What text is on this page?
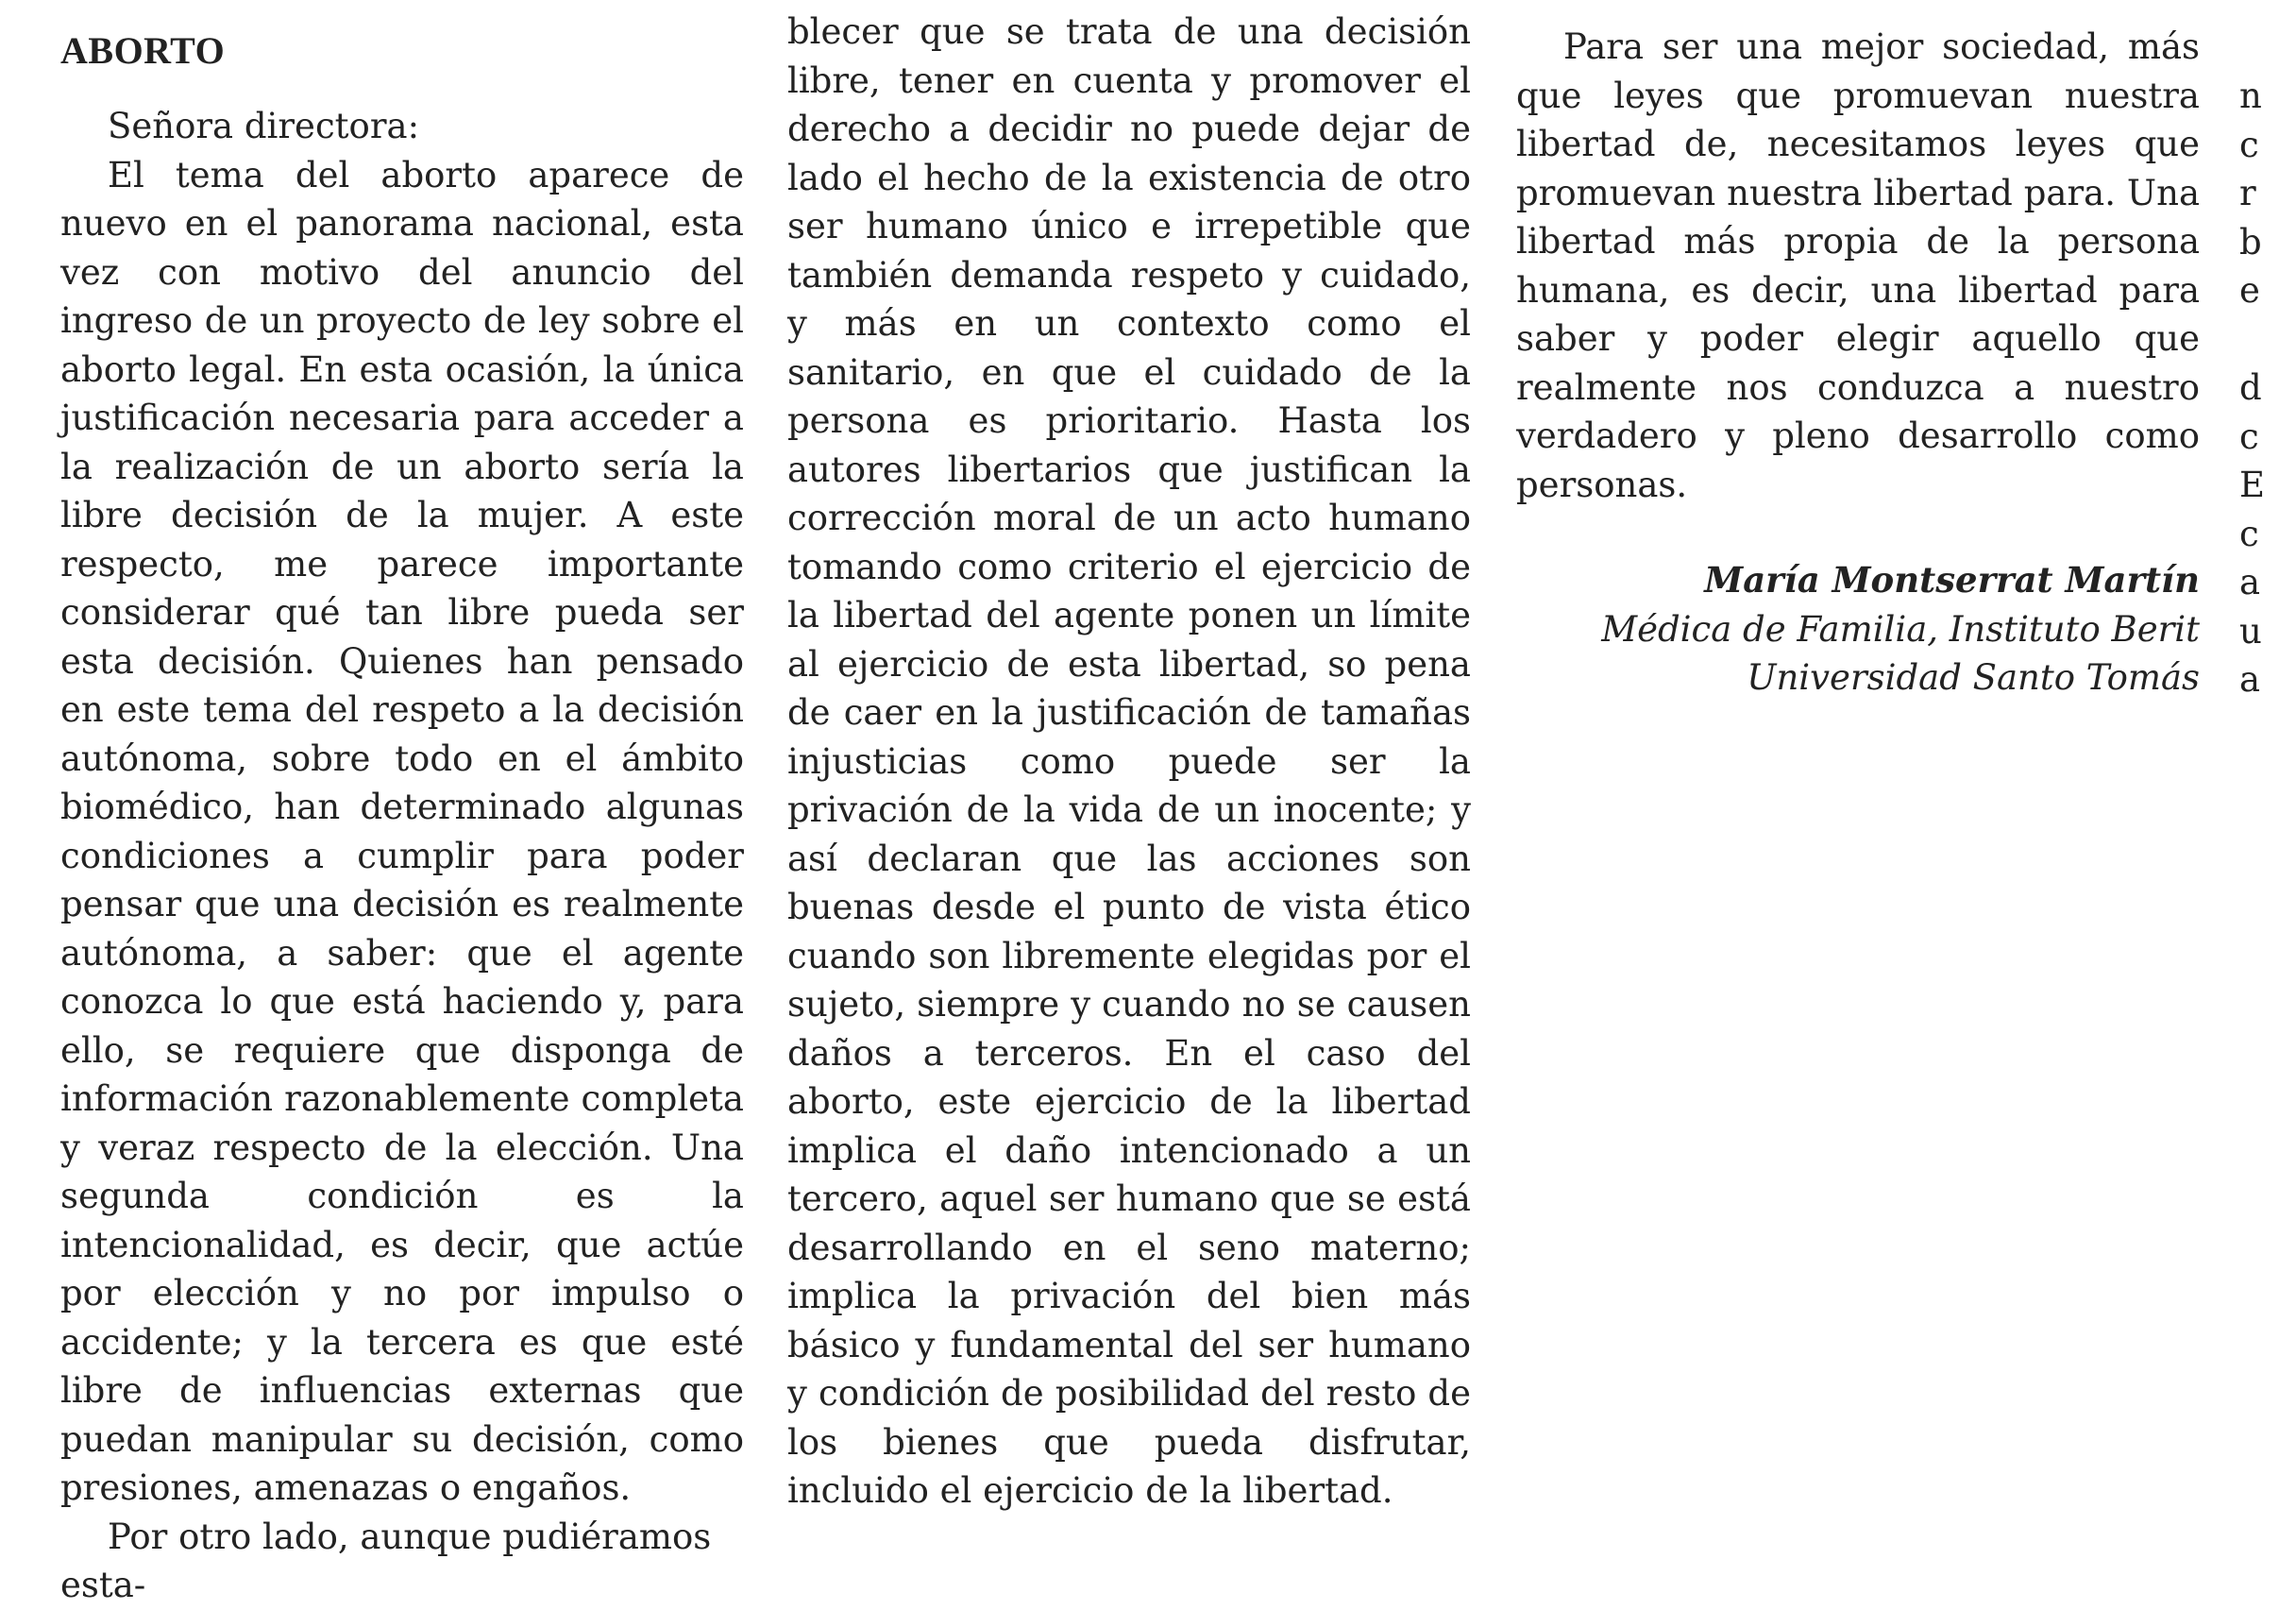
ABORTO

Señora directora:

El tema del aborto aparece de nuevo en el panorama nacional, esta vez con motivo del anuncio del ingreso de un proyecto de ley sobre el aborto legal. En esta ocasión, la única justificación necesaria para acceder a la realización de un aborto sería la libre decisión de la mujer. A este respecto, me parece importante considerar qué tan libre pueda ser esta decisión. Quienes han pensado en este tema del respeto a la decisión autónoma, sobre todo en el ámbito biomédico, han determinado algunas condiciones a cumplir para poder pensar que una decisión es realmente autónoma, a saber: que el agente conozca lo que está haciendo y, para ello, se requiere que disponga de información razonablemente completa y veraz respecto de la elección. Una segunda condición es la intencionalidad, es decir, que actúe por elección y no por impulso o accidente; y la tercera es que esté libre de influencias externas que puedan manipular su decisión, como presiones, amenazas o engaños.

Por otro lado, aunque pudiéramos esta-

blecer que se trata de una decisión libre, tener en cuenta y promover el derecho a decidir no puede dejar de lado el hecho de la existencia de otro ser humano único e irrepetible que también demanda respeto y cuidado, y más en un contexto como el sanitario, en que el cuidado de la persona es prioritario. Hasta los autores libertarios que justifican la corrección moral de un acto humano tomando como criterio el ejercicio de la libertad del agente ponen un límite al ejercicio de esta libertad, so pena de caer en la justificación de tamañas injusticias como puede ser la privación de la vida de un inocente; y así declaran que las acciones son buenas desde el punto de vista ético cuando son libremente elegidas por el sujeto, siempre y cuando no se causen daños a terceros. En el caso del aborto, este ejercicio de la libertad implica el daño intencionado a un tercero, aquel ser humano que se está desarrollando en el seno materno; implica la privación del bien más básico y fundamental del ser humano y condición de posibilidad del resto de los bienes que pueda disfrutar, incluido el ejercicio de la libertad.

Para ser una mejor sociedad, más que leyes que promuevan nuestra libertad de, necesitamos leyes que promuevan nuestra libertad para. Una libertad más propia de la persona humana, es decir, una libertad para saber y poder elegir aquello que realmente nos conduzca a nuestro verdadero y pleno desarrollo como personas.

María Montserrat Martín
Médica de Familia, Instituto Berit
Universidad Santo Tomás
n
c
r
b
e
d
c
E
c
a
u
a
